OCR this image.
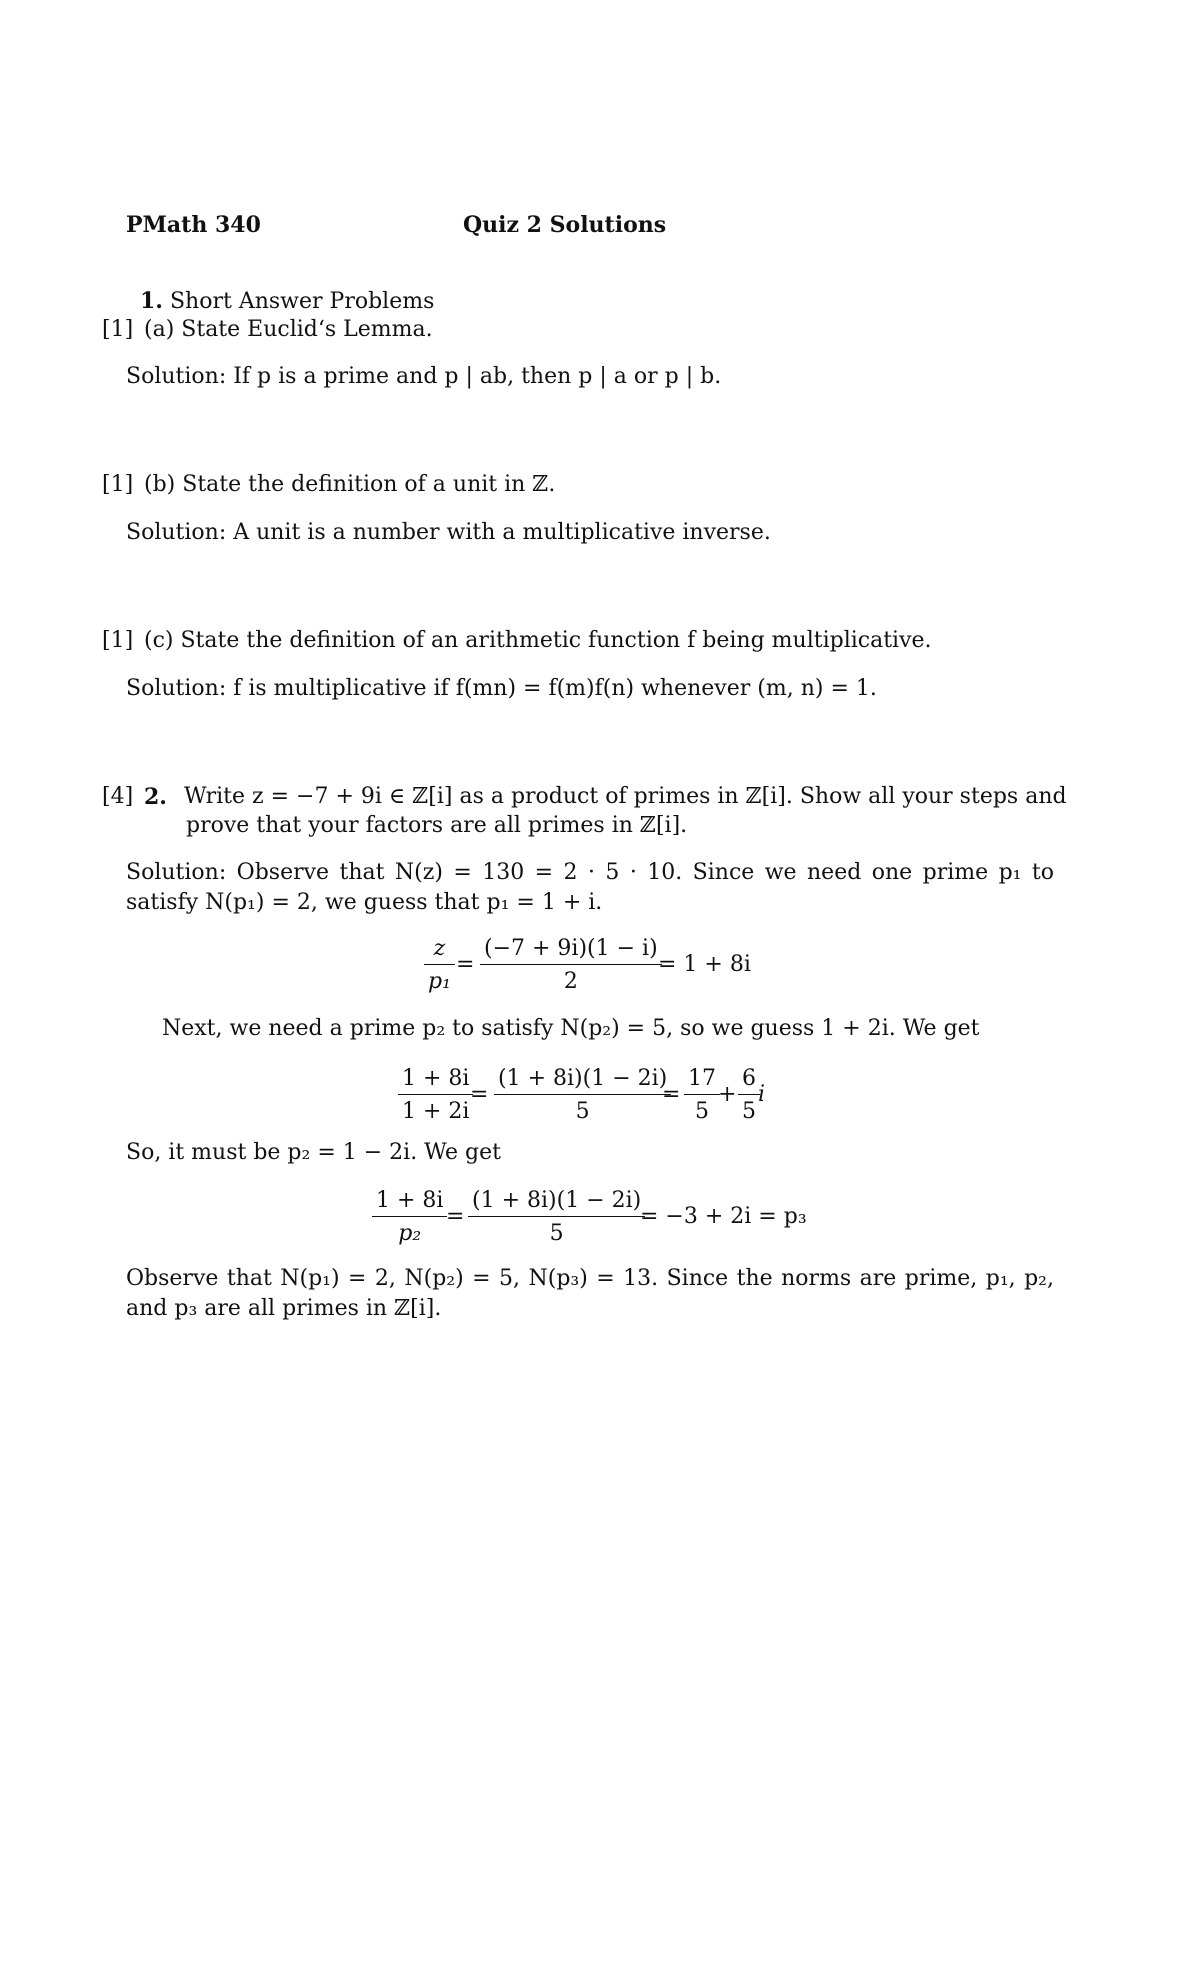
PMath 340	Quiz 2 Solutions
1. Short Answer Problems
[1] (a) State Euclid‘s Lemma.
Solution: If p is a prime and p | ab, then p | a or p | b.
[1] (b) State the definition of a unit in ℤ.
Solution: A unit is a number with a multiplicative inverse.
[1] (c) State the definition of an arithmetic function f being multiplicative.
Solution: f is multiplicative if f(mn) = f(m)f(n) whenever (m, n) = 1.
[4] 2. Write z = −7 + 9i ∈ ℤ[i] as a product of primes in ℤ[i]. Show all your steps and
prove that your factors are all primes in ℤ[i].
Solution: Observe that N(z) = 130 = 2 · 5 · 10. Since we need one prime p₁ to satisfy N(p₁) = 2, we guess that p₁ = 1 + i.
z
p₁
=
(−7 + 9i)(1 − i)
2
= 1 + 8i
Next, we need a prime p₂ to satisfy N(p₂) = 5, so we guess 1 + 2i. We get
1 + 8i
1 + 2i
=
(1 + 8i)(1 − 2i)
5
=
17
5
+
6
5
i
So, it must be p₂ = 1 − 2i. We get
1 + 8i
p₂
=
(1 + 8i)(1 − 2i)
5
= −3 + 2i = p₃
Observe that N(p₁) = 2, N(p₂) = 5, N(p₃) = 13. Since the norms are prime, p₁, p₂, and p₃ are all primes in ℤ[i].
